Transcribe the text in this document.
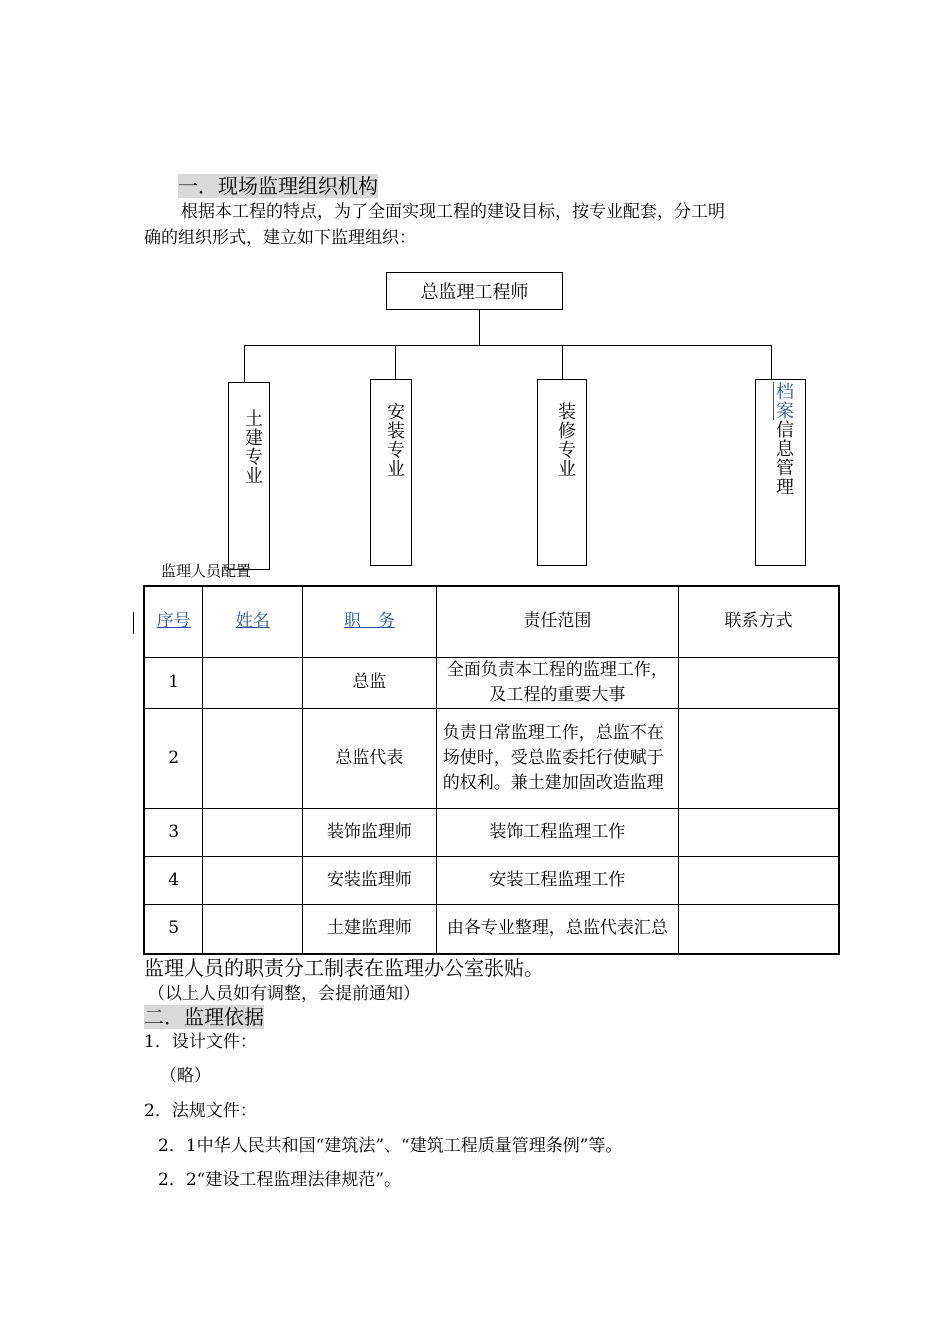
一．现场监理组织机构
根据本工程的特点，为了全面实现工程的建设目标，按专业配套，分工明
确的组织形式，建立如下监理组织：
总监理工程师
土建专业	安装专业	装修专业
档案信息管理
监理人员配置
序号	姓名	职　务	责任范围	联系方式
1		总监	全面负责本工程的监理工作，及工程的重要大事	
2		总监代表	负责日常监理工作，总监不在场使时，受总监委托行使赋于的权利。兼土建加固改造监理	
3		装饰监理师	装饰工程监理工作	
4		安装监理师	安装工程监理工作	
5		土建监理师	由各专业整理，总监代表汇总	
监理人员的职责分工制表在监理办公室张贴。
（以上人员如有调整，会提前通知）
二．监理依据
1．设计文件：
（略）
2．法规文件：
2．1中华人民共和国“建筑法”、“建筑工程质量管理条例”等。
2．2“建设工程监理法律规范”。
